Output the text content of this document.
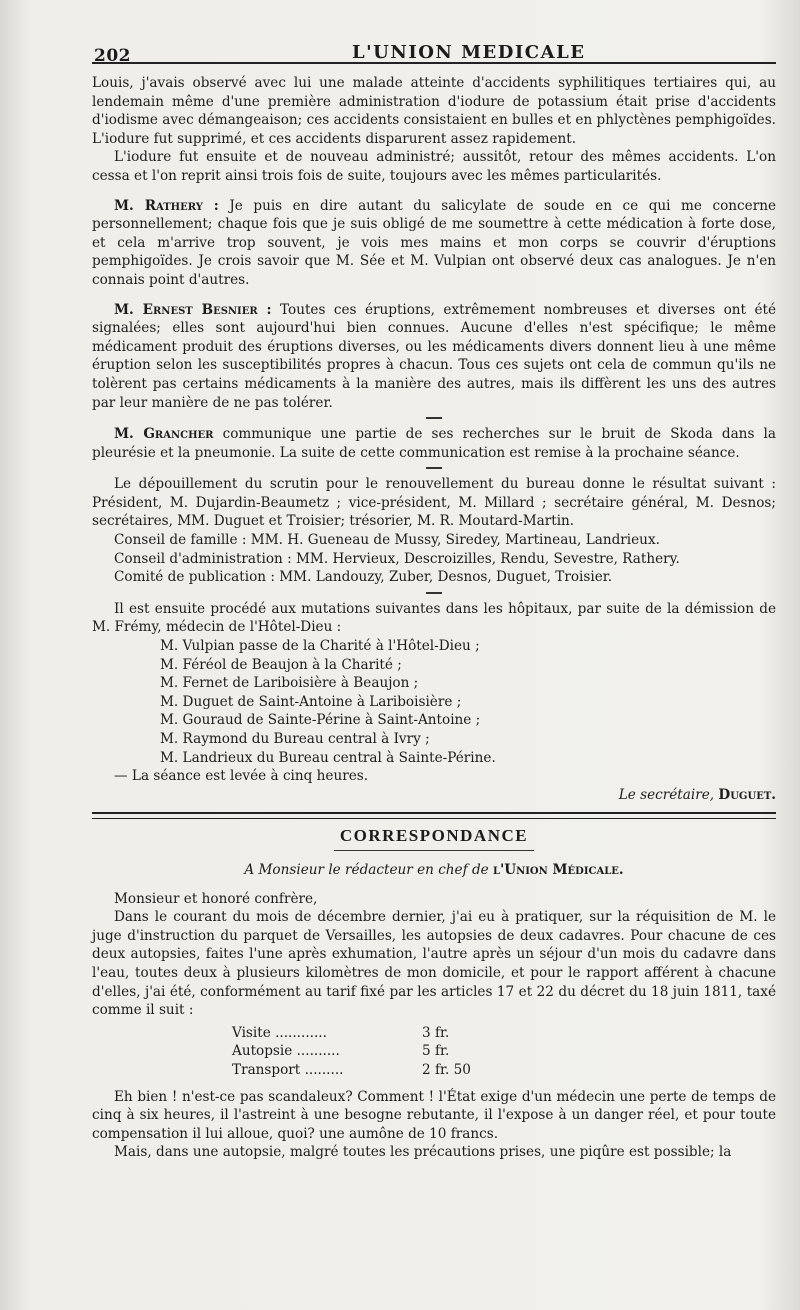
202	L'UNION MEDICALE

Louis, j'avais observé avec lui une malade atteinte d'accidents syphilitiques tertiaires qui, au lendemain même d'une première administration d'iodure de potassium était prise d'accidents d'iodisme avec démangeaison; ces accidents consistaient en bulles et en phlyctènes pemphigoïdes. L'iodure fut supprimé, et ces accidents disparurent assez rapidement.

L'iodure fut ensuite et de nouveau administré; aussitôt, retour des mêmes accidents. L'on cessa et l'on reprit ainsi trois fois de suite, toujours avec les mêmes particularités.

M. Rathery : Je puis en dire autant du salicylate de soude en ce qui me concerne personnellement; chaque fois que je suis obligé de me soumettre à cette médication à forte dose, et cela m'arrive trop souvent, je vois mes mains et mon corps se couvrir d'éruptions pemphigoïdes. Je crois savoir que M. Sée et M. Vulpian ont observé deux cas analogues. Je n'en connais point d'autres.

M. Ernest Besnier : Toutes ces éruptions, extrêmement nombreuses et diverses ont été signalées; elles sont aujourd'hui bien connues. Aucune d'elles n'est spécifique; le même médicament produit des éruptions diverses, ou les médicaments divers donnent lieu à une même éruption selon les susceptibilités propres à chacun. Tous ces sujets ont cela de commun qu'ils ne tolèrent pas certains médicaments à la manière des autres, mais ils diffèrent les uns des autres par leur manière de ne pas tolérer.

M. Grancher communique une partie de ses recherches sur le bruit de Skoda dans la pleurésie et la pneumonie. La suite de cette communication est remise à la prochaine séance.

Le dépouillement du scrutin pour le renouvellement du bureau donne le résultat suivant : Président, M. Dujardin-Beaumetz ; vice-président, M. Millard ; secrétaire général, M. Desnos; secrétaires, MM. Duguet et Troisier; trésorier, M. R. Moutard-Martin.

Conseil de famille : MM. H. Gueneau de Mussy, Siredey, Martineau, Landrieux.

Conseil d'administration : MM. Hervieux, Descroizilles, Rendu, Sevestre, Rathery.

Comité de publication : MM. Landouzy, Zuber, Desnos, Duguet, Troisier.

Il est ensuite procédé aux mutations suivantes dans les hôpitaux, par suite de la démission de M. Frémy, médecin de l'Hôtel-Dieu :

M. Vulpian passe de la Charité à l'Hôtel-Dieu ;
M. Féréol de Beaujon à la Charité ;
M. Fernet de Lariboisière à Beaujon ;
M. Duguet de Saint-Antoine à Lariboisière ;
M. Gouraud de Sainte-Périne à Saint-Antoine ;
M. Raymond du Bureau central à Ivry ;
M. Landrieux du Bureau central à Sainte-Périne.

— La séance est levée à cinq heures.

Le secrétaire, Duguet.

CORRESPONDANCE
A Monsieur le rédacteur en chef de l'Union Médicale.

Monsieur et honoré confrère,

Dans le courant du mois de décembre dernier, j'ai eu à pratiquer, sur la réquisition de M. le juge d'instruction du parquet de Versailles, les autopsies de deux cadavres. Pour chacune de ces deux autopsies, faites l'une après exhumation, l'autre après un séjour d'un mois du cadavre dans l'eau, toutes deux à plusieurs kilomètres de mon domicile, et pour le rapport afférent à chacune d'elles, j'ai été, conformément au tarif fixé par les articles 17 et 22 du décret du 18 juin 1811, taxé comme il suit :

Visite ............	3 fr.
Autopsie ..........	5 fr.
Transport .........	2 fr. 50

Eh bien ! n'est-ce pas scandaleux? Comment ! l'État exige d'un médecin une perte de temps de cinq à six heures, il l'astreint à une besogne rebutante, il l'expose à un danger réel, et pour toute compensation il lui alloue, quoi? une aumône de 10 francs.

Mais, dans une autopsie, malgré toutes les précautions prises, une piqûre est possible; la
